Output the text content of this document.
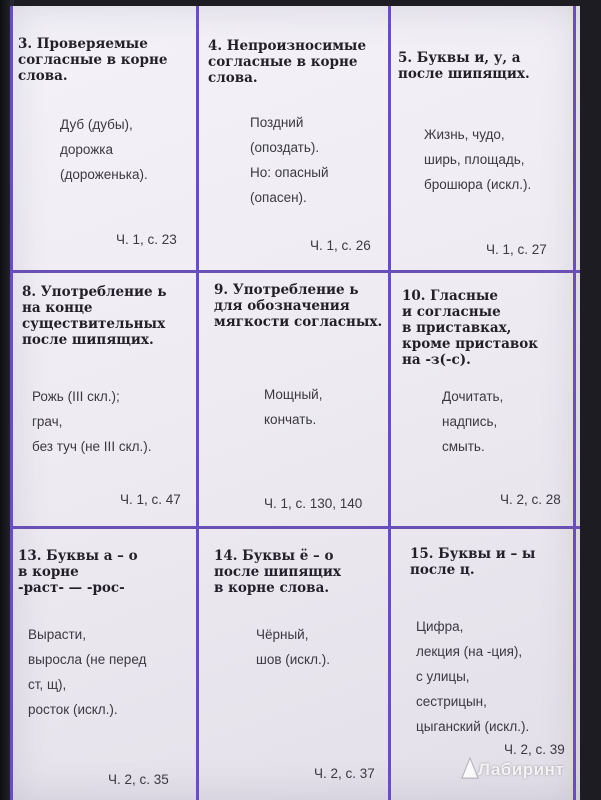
3. Проверяемые
согласные в корне
слова.
Дуб (дубы),
дорожка
(дороженька).
Ч. 1, с. 23
4. Непроизносимые
согласные в корне
слова.
Поздний
(опоздать).
Но: опасный
(опасен).
Ч. 1, с. 26
5. Буквы и, у, а
после шипящих.
Жизнь, чудо,
ширь, площадь,
брошюра (искл.).
Ч. 1, с. 27
8. Употребление ь
на конце
существительных
после шипящих.
Рожь (III скл.);
грач,
без туч (не III скл.).
Ч. 1, с. 47
9. Употребление ь
для обозначения
мягкости согласных.
Мощный,
кончать.
Ч. 1, с. 130, 140
10. Гласные
и согласные
в приставках,
кроме приставок
на -з(-с).
Дочитать,
надпись,
смыть.
Ч. 2, с. 28
13. Буквы а – о
в корне
-раст- — -рос-
Вырасти,
выросла (не перед
ст, щ),
росток (искл.).
Ч. 2, с. 35
14. Буквы ё – о
после шипящих
в корне слова.
Чёрный,
шов (искл.).
Ч. 2, с. 37
15. Буквы и – ы
после ц.
Цифра,
лекция (на -ция),
с улицы,
сестрицын,
цыганский (искл.).
Ч. 2, с. 39
Лабиринт
